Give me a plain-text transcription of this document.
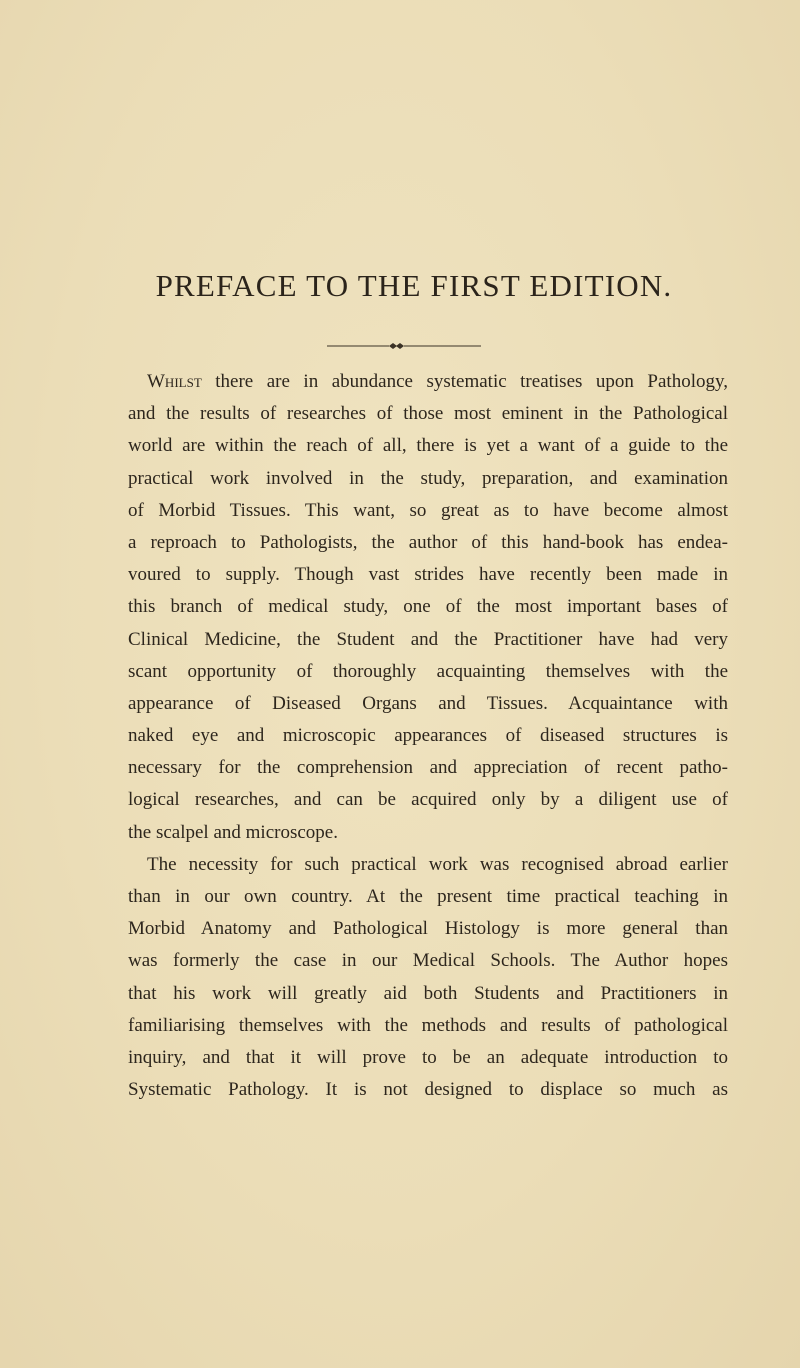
PREFACE TO THE FIRST EDITION.
Whilst there are in abundance systematic treatises upon Pathology,
and the results of researches of those most eminent in the Pathological
world are within the reach of all, there is yet a want of a guide to the
practical work involved in the study, preparation, and examination
of Morbid Tissues. This want, so great as to have become almost
a reproach to Pathologists, the author of this hand-book has endea-
voured to supply. Though vast strides have recently been made in
this branch of medical study, one of the most important bases of
Clinical Medicine, the Student and the Practitioner have had very
scant opportunity of thoroughly acquainting themselves with the
appearance of Diseased Organs and Tissues. Acquaintance with
naked eye and microscopic appearances of diseased structures is
necessary for the comprehension and appreciation of recent patho-
logical researches, and can be acquired only by a diligent use of
the scalpel and microscope.
The necessity for such practical work was recognised abroad earlier
than in our own country. At the present time practical teaching in
Morbid Anatomy and Pathological Histology is more general than
was formerly the case in our Medical Schools. The Author hopes
that his work will greatly aid both Students and Practitioners in
familiarising themselves with the methods and results of pathological
inquiry, and that it will prove to be an adequate introduction to
Systematic Pathology. It is not designed to displace so much as
